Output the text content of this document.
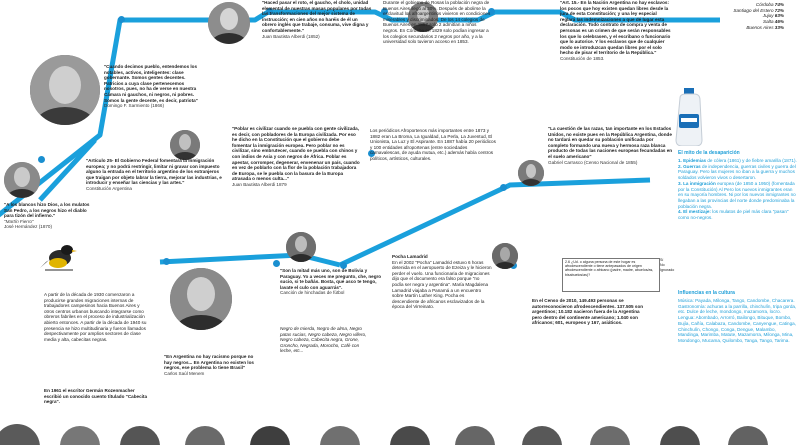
2.6 ¿Ud. o alguna persona de este hogar es afrodescendiente o tiene antepasados de origen afrodescendiente o africano (padre, madre, abuelos/as, bisabuelos/as)?
Sí
No
Ignorado
"Cuando decimos pueblo, entendemos los notables, activos, inteligentes: clase gobernante. Somos gentes decentes. Patricios a cuya clase pertenecemos nosotros, pues, no ha de verse en nuestra Cámara ni gauchos, ni negros, ni pobres. Somos la gente decente, es decir, patriota"
Domingo F. Sarmiento (1866)
"Haced pasar el roto, el gaucho, el cholo, unidad elemental de nuestras masas populares por todas las transformaciones del mejor sistema de instrucción; en cien años no haréis de él un obrero inglés que trabaje, consuma, vive digna y confortablemente."
Juan Bautista Alberdi (1852)
Durante el gobierno de Rosas la población negra de Buenos Aires llegó al 30%. Después de abolirse la esclavitud los afroargentinos vivieron en condiciones miserables y discriminados. De los 14 colegios de Buenos Aires en 1857 solo 2 admitían a niños negros. En Córdoba en 1829 solo podían ingresar a los colegios secundarios 2 negros por año, y a la universidad solo tuvieron acceso en 1853.
"Art. 15.- En la Nación Argentina no hay esclavos: los pocos que hoy existen quedan libres desde la jura de esta Constitución; y una ley especial reglará las indemnizaciones a que dé lugar esta declaración. Todo contrato de compra y venta de personas es un crimen de que serán responsables los que lo celebrasen, y el escribano o funcionario que lo autorice. Y los esclavos que de cualquier modo se introduzcan quedan libres por el solo hecho de pisar el territorio de la República."
Constitución de 1853.
Córdoba 74%
Santiago del Estero 72%
Jujuy 63%
Salta 46%
Buenos Aires 33%
El mito de la desaparición
1. Epidemias de cólera (1861) y de fiebre amarilla (1871).
2. Guerras de independencia, guerras civiles y guerra del Paraguay. Pero las mujeres no iban a la guerra y muchos soldados volvieron vivos o desertaron.
3. La inmigración europea (de 1850 a 1950) (fomentada por la Constitución) Al Pero los nuevos inmigrantes eran en su mayoría hombres. Ni por los nuevos inmigrantes no llegaban a las provincias del norte donde predominaba la población negra.
4. El mestizaje: los mulatos de piel más clara "pasan" como no-negros.
Influencias en la cultura
Música: Payada, Milonga, Tango, Candombe, Chacarera. Gastronomía: achuras a la parrilla, chinchulín, tripa gorda, etc. Dulce de leche, mondongo, mazamorra, locro. Lengua: Abombado, Arrorró, Bailongo, Bituque, Bombo, Bujía, Cañía, Calabaza, Candombe, Canyengue, Catinga, Chinchulín, Chongo, Conga, Dengue, Malambo, Mandinga, Marimba, Matute, Mazamorra, Milonga, Mina, Mondongo, Mucama, Quilombo, Tanga, Tango, Tarima.
"A los blancos hizo Dios, a los mulatos San Pedro, a los negros hizo el diablo para tizón del infierno."
"Martín Fierro"
José Hernández (1870)
"Artículo 25- El Gobierno Federal fomentará la inmigración europea; y no podrá restringir, limitar ni gravar con impuesto alguno la entrada en el territorio argentino de los extranjeros que traigan por objeto labrar la tierra, mejorar las industrias, e introducir y enseñar las ciencias y las artes."
Constitución Argentina
"Poblar es civilizar cuando se puebla con gente civilizada, es decir, con pobladores de la Europa civilizada. Por eso he dicho en la Constitución que el gobierno debe fomentar la inmigración europea. Pero poblar no es civilizar, sino embrutecer, cuando se puebla con chinos y con indios de Asia y con negros de África. Poblar es apestar, corromper, degenerar, envenenar un país, cuando en vez de poblarlo con la flor de la población trabajadora de Europa, se le puebla con la basura de la Europa atrasada o menos culta..."
Juan Bautista Alberdi 1879
Los periódicos Afroportenos más importantes entre 1873 y 1882 eran La Broma, La Igualdad, La Perla, La Juventud, El Unionista, La Luz y El Aspirante. En 1887 había 20 periódicos y 100 entidades afroportenas (entre sociedades carnavalescas, de ayuda mutua, etc.) además había centros políticos, artísticos, culturales.
"La cuestión de las razas, tan importante en los Estados Unidos, no existe pues en la República Argentina, donde no tardará en quedar su población unificada por completo formando una nueva y hermosa raza blanca producto de todas las naciones europeas fecundadas en el suelo americano"
Gabriel Carrasco (Censo Nacional de 1855)
A partir de la década de 1930 comenzaron a producirse grandes migraciones internas de trabajadores campesinos hacia Buenos Aires y otros centros urbanos buscando integrarse como obreros fabriles en el proceso de industrialización abierto entonces. A partir de la década de 1940 su presencia se hizo multitudinaria y fueron llamados despectivamente por amplios sectores de clase media y alta, cabecitas negras.
En 1961 el escritor Germán Rozenmacher escribió un conocido cuento titulado "Cabecita negra".
"En Argentina no hay racismo porque no hay negros... En Argentina no existen los negros, ese problema lo tiene Brasil"
Carlos Saúl Menem
"Son la mitad más uno, son de Bolivia y Paraguay. Yo a veces me pregunto, che, negro sucio, si te bañás. Bosta, qué asco te tengo, lavate el culo con aguarrás".
Canción de hinchadas de fútbol
Negro de mierda, Negro de alma, Negro patas sucias, Negro cabeza, Negro villero, Negro cabeza, Cabecita negra, Grone, Groncho, Negrada, Morocho, Café con leche, etc...
Pocha Lamadrid
En el 2002 "Pocha" Lamadrid estuvo 6 horas detenida en el aeropuerto de Ezeiza y le hicieron perder el vuelo. Una funcionaria de migraciones dijo que el documento era falso porque "no podía ser negra y argentina". María Magdalena Lamadrid viajaba a Panamá a un encuentro sobre Martín Luther King. Pocha es descendiente de africanos esclavizados de la época del Virreinato.
En el Censo de 2010, 149.493 personas se autorreconocieron afrodescendientes. 137.505 son argentinos; 10.182 nacieron fuera de la Argentina pero dentro del continente americano; 1.040 son africanos; 601, europeos y 167, asiáticos.
